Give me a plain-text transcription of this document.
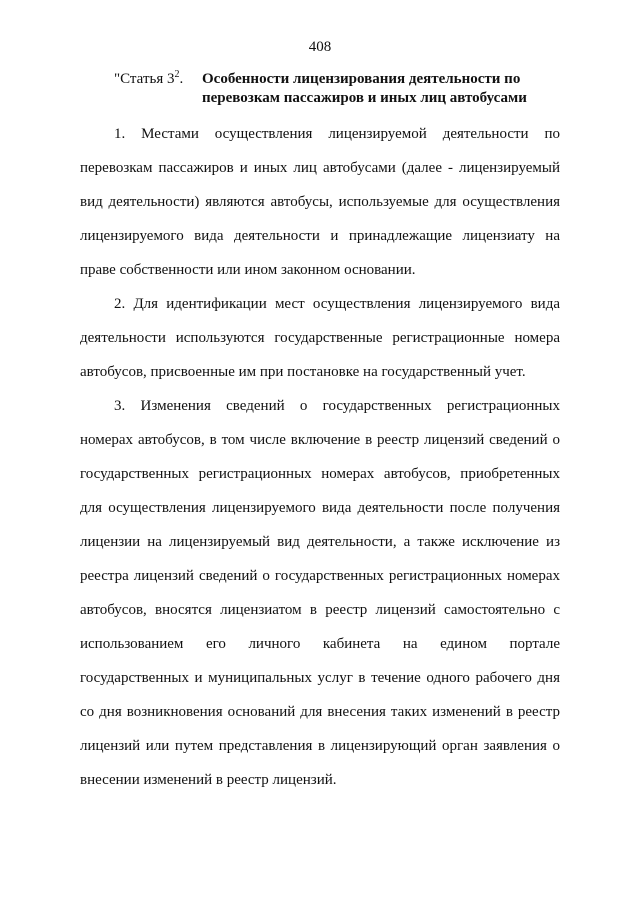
408
"Статья $3^2$. Особенности лицензирования деятельности по
перевозкам пассажиров и иных лиц автобусами
1. Местами осуществления лицензируемой деятельности по
перевозкам пассажиров и иных лиц автобусами (далее - лицензируемый
вид деятельности) являются автобусы, используемые для осуществления
лицензируемого вида деятельности и принадлежащие лицензиату на
праве собственности или ином законном основании.
2. Для идентификации мест осуществления лицензируемого вида
деятельности используются государственные регистрационные номера
автобусов, присвоенные им при постановке на государственный учет.
3. Изменения сведений о государственных регистрационных
номерах автобусов, в том числе включение в реестр лицензий сведений о
государственных регистрационных номерах автобусов, приобретенных
для осуществления лицензируемого вида деятельности после получения
лицензии на лицензируемый вид деятельности, а также исключение из
реестра лицензий сведений о государственных регистрационных номерах
автобусов, вносятся лицензиатом в реестр лицензий самостоятельно с
использованием его личного кабинета на едином портале
государственных и муниципальных услуг в течение одного рабочего дня
со дня возникновения оснований для внесения таких изменений в реестр
лицензий или путем представления в лицензирующий орган заявления о
внесении изменений в реестр лицензий.
